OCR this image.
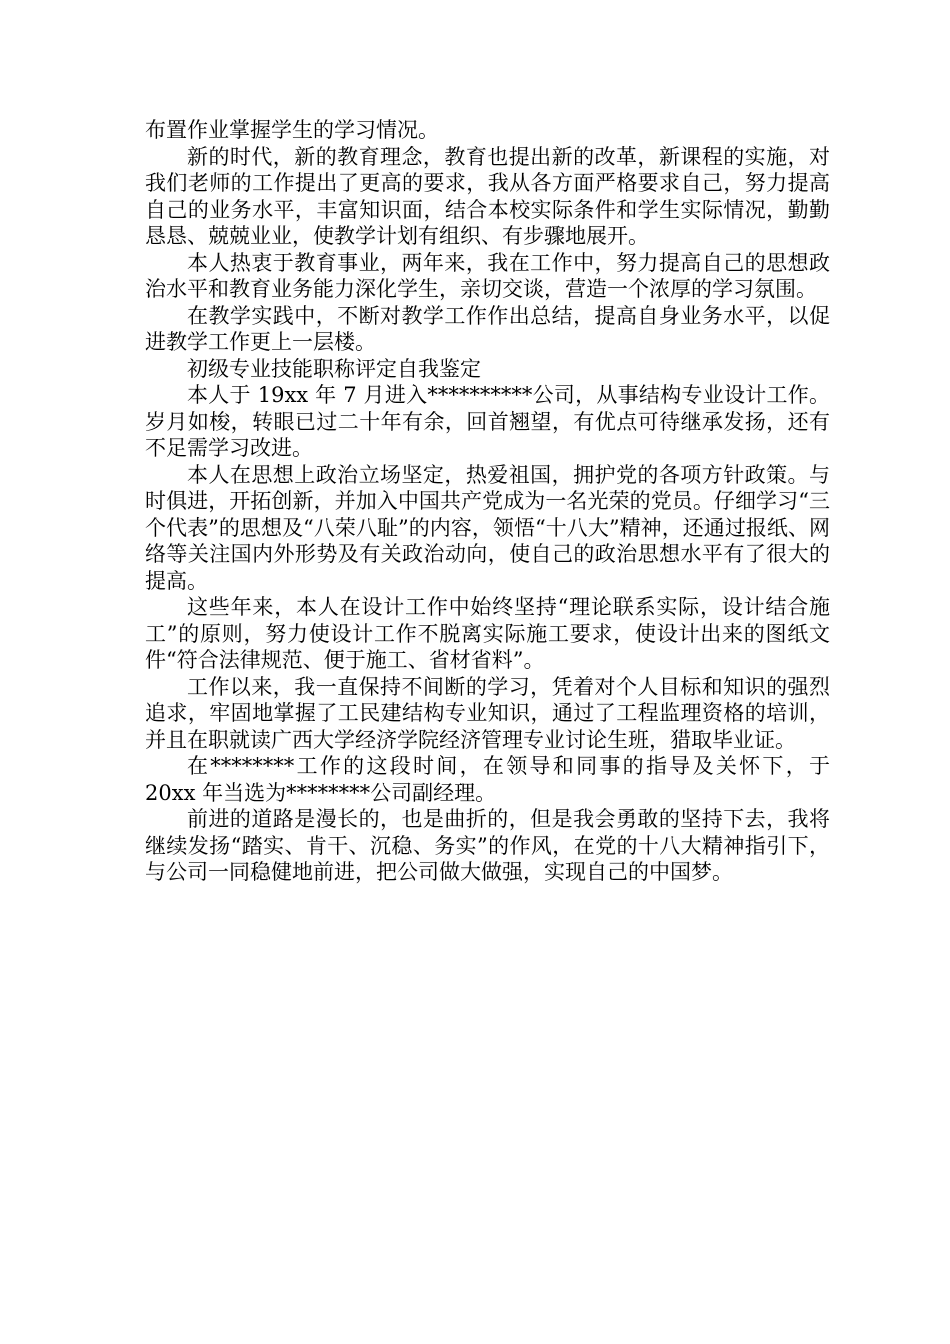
布置作业掌握学生的学习情况。

新的时代，新的教育理念，教育也提出新的改革，新课程的实施，对我们老师的工作提出了更高的要求，我从各方面严格要求自己，努力提高自己的业务水平，丰富知识面，结合本校实际条件和学生实际情况，勤勤恳恳、兢兢业业，使教学计划有组织、有步骤地展开。

本人热衷于教育事业，两年来，我在工作中，努力提高自己的思想政治水平和教育业务能力深化学生，亲切交谈，营造一个浓厚的学习氛围。

在教学实践中，不断对教学工作作出总结，提高自身业务水平，以促进教学工作更上一层楼。

初级专业技能职称评定自我鉴定

本人于 19xx 年 7 月进入**********公司，从事结构专业设计工作。岁月如梭，转眼已过二十年有余，回首翘望，有优点可待继承发扬，还有不足需学习改进。

本人在思想上政治立场坚定，热爱祖国，拥护党的各项方针政策。与时俱进，开拓创新，并加入中国共产党成为一名光荣的党员。仔细学习“三个代表”的思想及“八荣八耻”的内容，领悟“十八大”精神，还通过报纸、网络等关注国内外形势及有关政治动向，使自己的政治思想水平有了很大的提高。

这些年来，本人在设计工作中始终坚持“理论联系实际，设计结合施工”的原则，努力使设计工作不脱离实际施工要求，使设计出来的图纸文件“符合法律规范、便于施工、省材省料”。

工作以来，我一直保持不间断的学习，凭着对个人目标和知识的强烈追求，牢固地掌握了工民建结构专业知识，通过了工程监理资格的培训，并且在职就读广西大学经济学院经济管理专业讨论生班，猎取毕业证。

在********工作的这段时间，在领导和同事的指导及关怀下，于 20xx 年当选为********公司副经理。

前进的道路是漫长的，也是曲折的，但是我会勇敢的坚持下去，我将继续发扬“踏实、肯干、沉稳、务实”的作风，在党的十八大精神指引下，与公司一同稳健地前进，把公司做大做强，实现自己的中国梦。
